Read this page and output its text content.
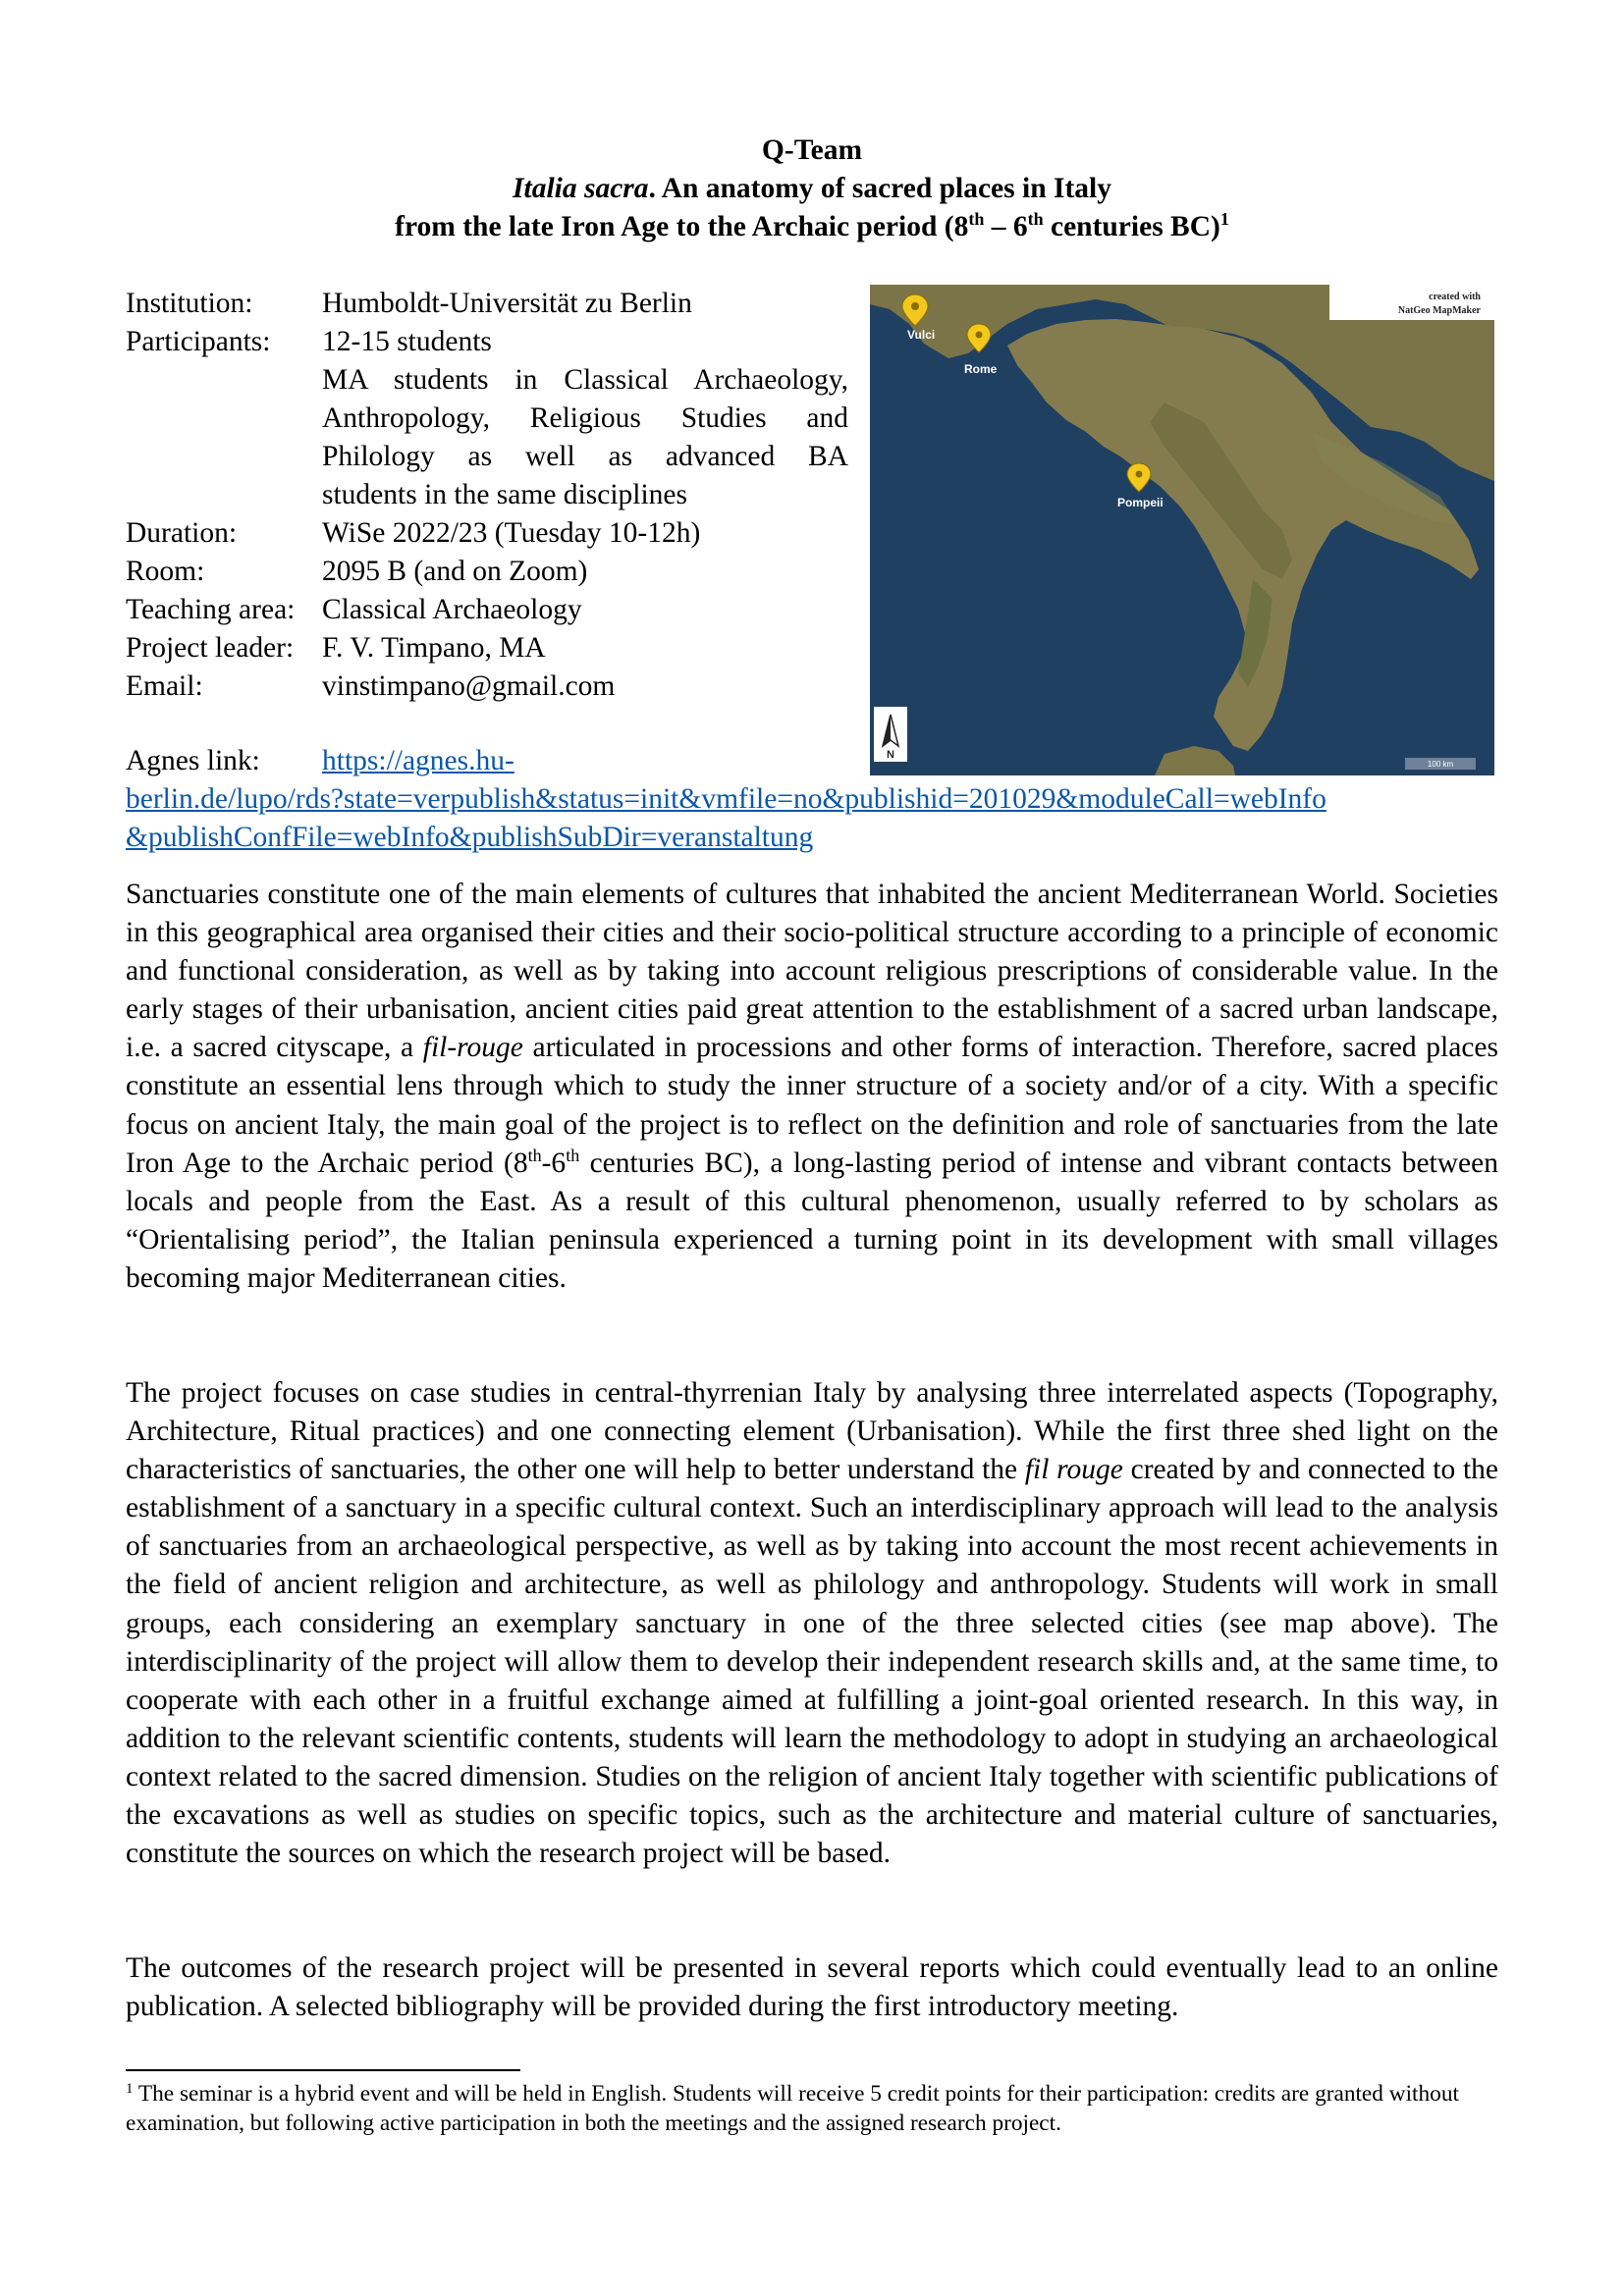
Q-Team
Italia sacra. An anatomy of sacred places in Italy
from the late Iron Age to the Archaic period (8th – 6th centuries BC)$^1$
Institution:	Humboldt-Universität zu Berlin
Participants:	12-15 students
MA students in Classical Archaeology,
Anthropology, Religious Studies and
Philology as well as advanced BA
students in the same disciplines
Duration:	WiSe 2022/23 (Tuesday 10-12h)
Room:	2095 B (and on Zoom)
Teaching area: Classical Archaeology
Project leader: F. V. Timpano, MA
Email:	vinstimpano@gmail.com
created with
NatGeo MapMaker
Vulci
Rome
Pompeii
N
100 km
Agnes link: https://agnes.hu-
berlin.de/lupo/rds?state=verpublish&status=init&vmfile=no&publishid=201029&moduleCall=webInfo
&publishConfFile=webInfo&publishSubDir=veranstaltung

Sanctuaries constitute one of the main elements of cultures that inhabited the ancient Mediterranean World. Societies in this geographical area organised their cities and their socio-political structure according to a principle of economic and functional consideration, as well as by taking into account religious prescriptions of considerable value. In the early stages of their urbanisation, ancient cities paid great attention to the establishment of a sacred urban landscape, i.e. a sacred cityscape, a fil-rouge articulated in processions and other forms of interaction. Therefore, sacred places constitute an essential lens through which to study the inner structure of a society and/or of a city. With a specific focus on ancient Italy, the main goal of the project is to reflect on the definition and role of sanctuaries from the late Iron Age to the Archaic period (8th-6th centuries BC), a long-lasting period of intense and vibrant contacts between locals and people from the East. As a result of this cultural phenomenon, usually referred to by scholars as “Orientalising period”, the Italian peninsula experienced a turning point in its development with small villages becoming major Mediterranean cities.

The project focuses on case studies in central-thyrrenian Italy by analysing three interrelated aspects (Topography, Architecture, Ritual practices) and one connecting element (Urbanisation). While the first three shed light on the characteristics of sanctuaries, the other one will help to better understand the fil rouge created by and connected to the establishment of a sanctuary in a specific cultural context. Such an interdisciplinary approach will lead to the analysis of sanctuaries from an archaeological perspective, as well as by taking into account the most recent achievements in the field of ancient religion and architecture, as well as philology and anthropology. Students will work in small groups, each considering an exemplary sanctuary in one of the three selected cities (see map above). The interdisciplinarity of the project will allow them to develop their independent research skills and, at the same time, to cooperate with each other in a fruitful exchange aimed at fulfilling a joint-goal oriented research. In this way, in addition to the relevant scientific contents, students will learn the methodology to adopt in studying an archaeological context related to the sacred dimension. Studies on the religion of ancient Italy together with scientific publications of the excavations as well as studies on specific topics, such as the architecture and material culture of sanctuaries, constitute the sources on which the research project will be based.

The outcomes of the research project will be presented in several reports which could eventually lead to an online publication. A selected bibliography will be provided during the first introductory meeting.

$^1$ The seminar is a hybrid event and will be held in English. Students will receive 5 credit points for their participation: credits are granted without examination, but following active participation in both the meetings and the assigned research project.
